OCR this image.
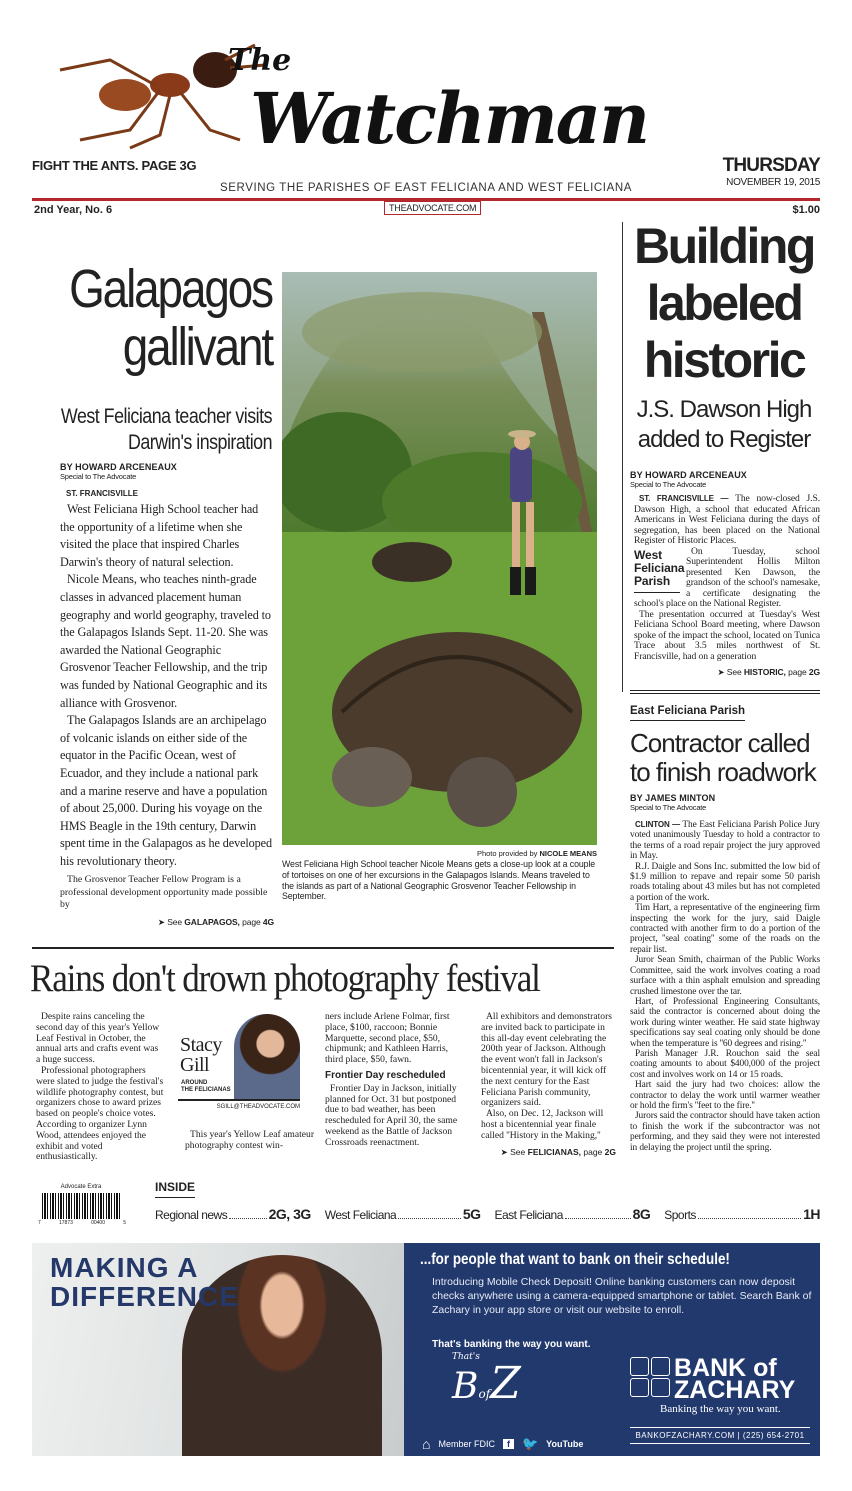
The
Watchman
FIGHT THE ANTS. PAGE 3G	THURSDAY
NOVEMBER 19, 2015
SERVING THE PARISHES OF EAST FELICIANA AND WEST FELICIANA
2nd Year, No. 6	THEADVOCATE.COM	$1.00
Galapagos gallivant
West Feliciana teacher visits Darwin's inspiration
BY HOWARD ARCENEAUX
Special to The Advocate
ST. FRANCISVILLE

West Feliciana High School teacher had the opportunity of a lifetime when she visited the place that inspired Charles Darwin's theory of natural selection.

Nicole Means, who teaches ninth-grade classes in advanced placement human geography and world geography, traveled to the Galapagos Islands Sept. 11-20. She was awarded the National Geographic Grosvenor Teacher Fellowship, and the trip was funded by National Geographic and its alliance with Grosvenor.

The Galapagos Islands are an archipelago of volcanic islands on either side of the equator in the Pacific Ocean, west of Ecuador, and they include a national park and a marine reserve and have a population of about 25,000. During his voyage on the HMS Beagle in the 19th century, Darwin spent time in the Galapagos as he developed his revolutionary theory.

The Grosvenor Teacher Fellow Program is a professional development opportunity made possible by

➤ See GALAPAGOS, page 4G
Photo provided by NICOLE MEANS
West Feliciana High School teacher Nicole Means gets a close-up look at a couple of tortoises on one of her excursions in the Galapagos Islands. Means traveled to the islands as part of a National Geographic Grosvenor Teacher Fellowship in September.
Building labeled historic
J.S. Dawson High added to Register
BY HOWARD ARCENEAUX
Special to The Advocate

ST. FRANCISVILLE — The now-closed J.S. Dawson High, a school that educated African Americans in West Feliciana during the days of segregation, has been placed on the National Register of Historic Places.

West Feliciana Parish
On Tuesday, school Superintendent Hollis Milton presented Ken Dawson, the grandson of the school's namesake, a certificate designating the school's place on the National Register.

The presentation occurred at Tuesday's West Feliciana School Board meeting, where Dawson spoke of the impact the school, located on Tunica Trace about 3.5 miles northwest of St. Francisville, had on a generation

➤ See HISTORIC, page 2G
East Feliciana Parish
Contractor called to finish roadwork
BY JAMES MINTON
Special to The Advocate

CLINTON — The East Feliciana Parish Police Jury voted unanimously Tuesday to hold a contractor to the terms of a road repair project the jury approved in May.

R.J. Daigle and Sons Inc. submitted the low bid of $1.9 million to repave and repair some 50 parish roads totaling about 43 miles but has not completed a portion of the work.

Tim Hart, a representative of the engineering firm inspecting the work for the jury, said Daigle contracted with another firm to do a portion of the project, ''seal coating'' some of the roads on the repair list.

Juror Sean Smith, chairman of the Public Works Committee, said the work involves coating a road surface with a thin asphalt emulsion and spreading crushed limestone over the tar.

Hart, of Professional Engineering Consultants, said the contractor is concerned about doing the work during winter weather. He said state highway specifications say seal coating only should be done when the temperature is ''60 degrees and rising.''

Parish Manager J.R. Rouchon said the seal coating amounts to about $400,000 of the project cost and involves work on 14 or 15 roads.

Hart said the jury had two choices: allow the contractor to delay the work until warmer weather or hold the firm's ''feet to the fire.''

Jurors said the contractor should have taken action to finish the work if the subcontractor was not performing, and they said they were not interested in delaying the project until the spring.

Rains don't drown photography festival

Despite rains canceling the second day of this year's Yellow Leaf Festival in October, the annual arts and crafts event was a huge success.

Professional photographers were slated to judge the festival's wildlife photography contest, but organizers chose to award prizes based on people's choice votes. According to organizer Lynn Wood, attendees enjoyed the exhibit and voted enthusiastically.

Stacy
Gill
AROUND
THE FELICIANAS
SGILL@THEADVOCATE.COM

This year's Yellow Leaf amateur photography contest win-

ners include Arlene Folmar, first place, $100, raccoon; Bonnie Marquette, second place, $50, chipmunk; and Kathleen Harris, third place, $50, fawn.

Frontier Day rescheduled

Frontier Day in Jackson, initially planned for Oct. 31 but postponed due to bad weather, has been rescheduled for April 30, the same weekend as the Battle of Jackson Crossroads reenactment.

All exhibitors and demonstrators are invited back to participate in this all-day event celebrating the 200th year of Jackson. Although the event won't fall in Jackson's bicentennial year, it will kick off the next century for the East Feliciana Parish community, organizers said.

Also, on Dec. 12, Jackson will host a bicentennial year finale called ''History in the Making,''

➤ See FELICIANAS, page 2G
Advocate Extra
7	17873	00400	5
INSIDE
Regional news	2G, 3G West Feliciana	5G East Feliciana	8G Sports	1H
MAKING A
DIFFERENCE
...for people that want to bank on their schedule!
Introducing Mobile Check Deposit! Online banking customers can now deposit checks anywhere using a camera-equipped smartphone or tablet. Search Bank of Zachary in your app store or visit our website to enroll.
That's banking the way you want.
That's
BofZ	BANK of
ZACHARY
Banking the way you want.
BANKOFZACHARY.COM | (225) 654-2701
⌂ Member FDIC	f 🐦 YouTube
